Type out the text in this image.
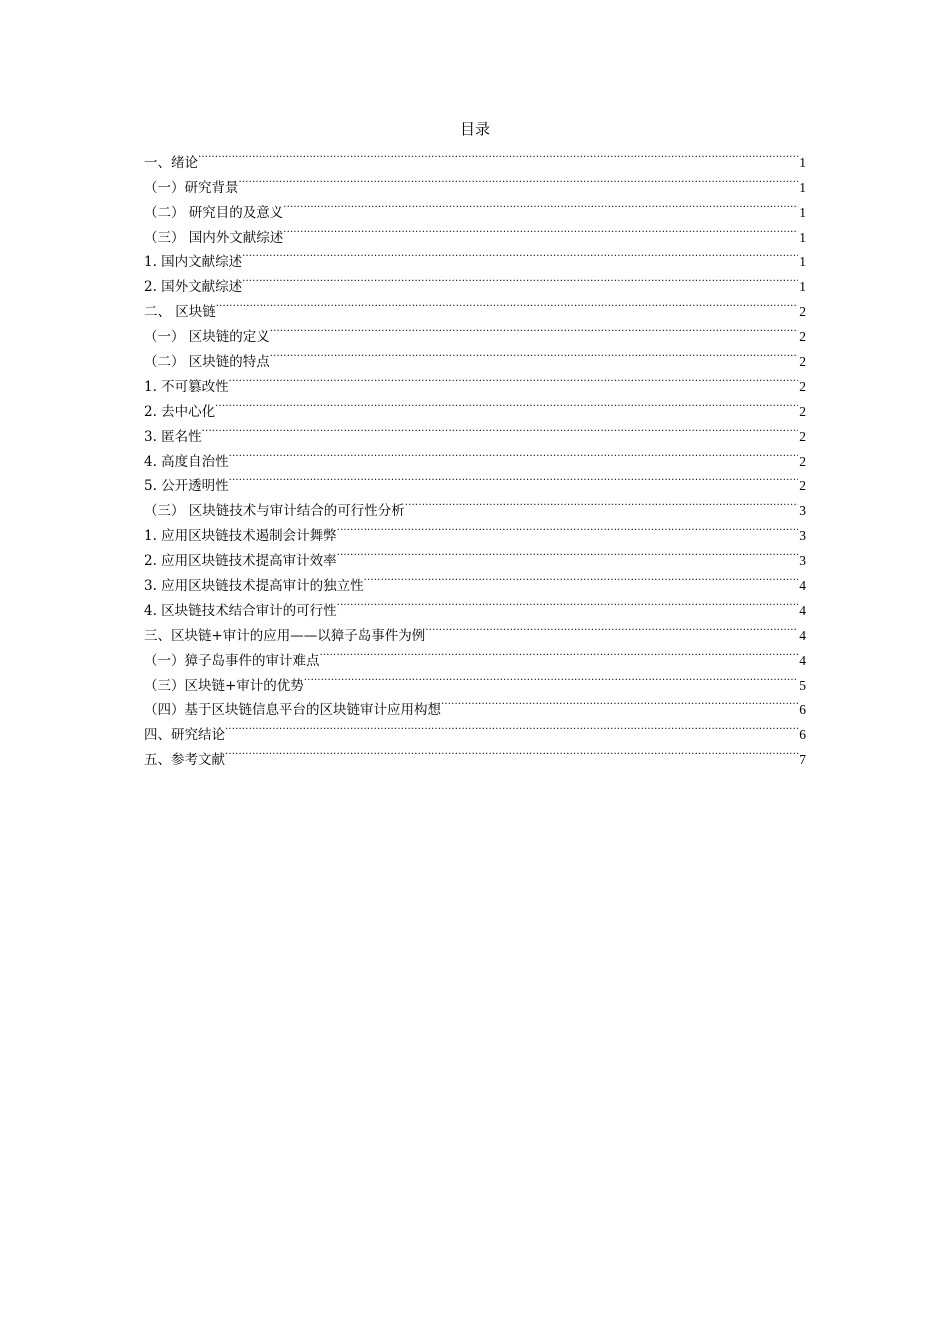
目录
一、绪论 .....	1
（一）研究背景 .....	1
（二） 研究目的及意义 .....	1
（三） 国内外文献综述 .....	1
1. 国内文献综述 .....	1
2. 国外文献综述 .....	1
二、 区块链 .....	2
（一） 区块链的定义 .....	2
（二） 区块链的特点 .....	2
1. 不可篡改性 .....	2
2. 去中心化 .....	2
3. 匿名性 .....	2
4. 高度自治性 .....	2
5. 公开透明性 .....	2
（三） 区块链技术与审计结合的可行性分析 .....	3
1. 应用区块链技术遏制会计舞弊 .....	3
2. 应用区块链技术提高审计效率 .....	3
3. 应用区块链技术提高审计的独立性 .....	4
4. 区块链技术结合审计的可行性 .....	4
三、区块链+审计的应用——以獐子岛事件为例 .....	4
（一）獐子岛事件的审计难点 .....	4
（三）区块链+审计的优势 .....	5
（四）基于区块链信息平台的区块链审计应用构想 .....	6
四、研究结论 .....	6
五、参考文献 .....	7
